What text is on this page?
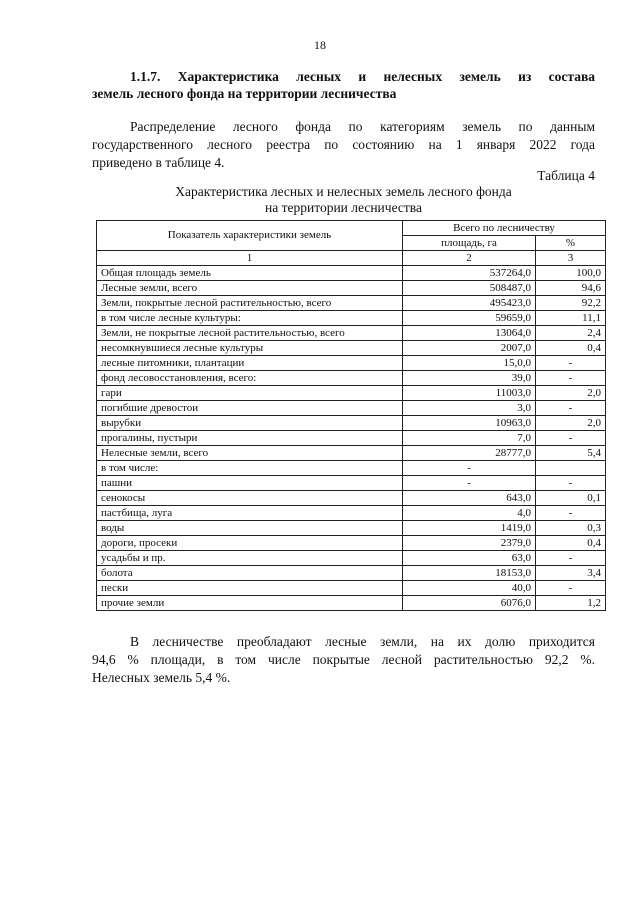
18
1.1.7. Характеристика лесных и нелесных земель из состава
земель лесного фонда на территории лесничества
Распределение лесного фонда по категориям земель по данным
государственного лесного реестра по состоянию на 1 января 2022 года
приведено в таблице 4.
Таблица 4
Характеристика лесных и нелесных земель лесного фонда
на территории лесничества
Показатель характеристики земель	Всего по лесничеству	
	площадь, га	%
1	2	3
Общая площадь земель	537264,0	100,0
Лесные земли, всего	508487,0	94,6
Земли, покрытые лесной растительностью, всего	495423,0	92,2
в том числе лесные культуры:	59659,0	11,1
Земли, не покрытые лесной растительностью, всего	13064,0	2,4
несомкнувшиеся лесные культуры	2007,0	0,4
лесные питомники, плантации	15,0,0	-
фонд лесовосстановления, всего:	39,0	-
гари	11003,0	2,0
погибшие древостои	3,0	-
вырубки	10963,0	2,0
прогалины, пустыри	7,0	-
Нелесные земли, всего	28777,0	5,4
в том числе:	-	
пашни	-	-
сенокосы	643,0	0,1
пастбища, луга	4,0	-
воды	1419,0	0,3
дороги, просеки	2379,0	0,4
усадьбы и пр.	63,0	-
болота	18153,0	3,4
пески	40,0	-
прочие земли	6076,0	1,2
В лесничестве преобладают лесные земли, на их долю приходится
94,6 % площади, в том числе покрытые лесной растительностью 92,2 %.
Нелесных земель 5,4 %.
